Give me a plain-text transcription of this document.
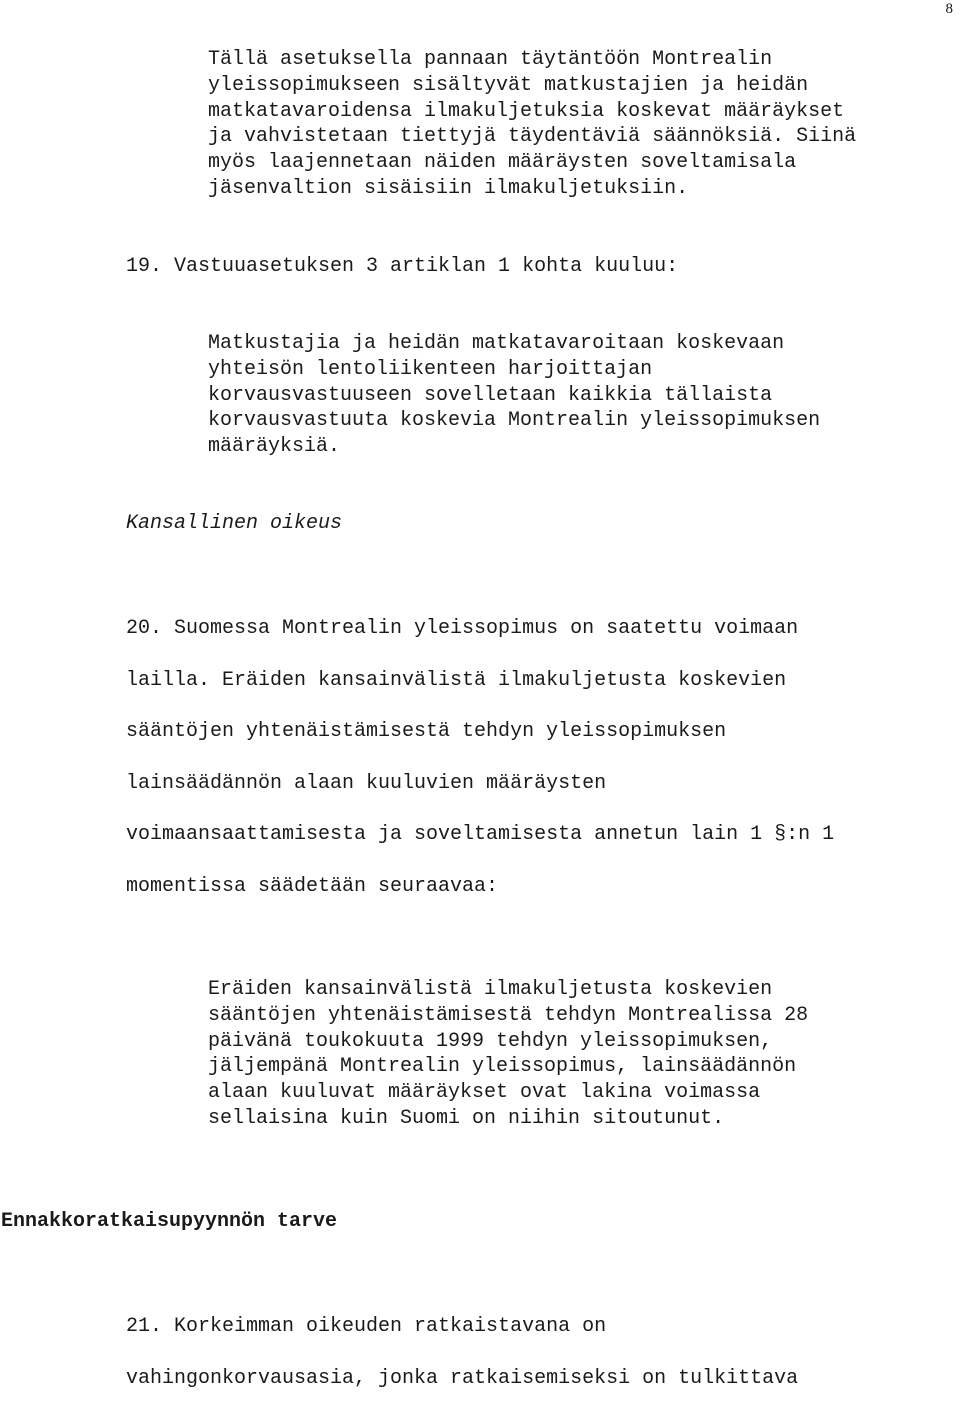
8
Tällä asetuksella pannaan täytäntöön Montrealin
yleissopimukseen sisältyvät matkustajien ja heidän
matkatavaroidensa ilmakuljetuksia koskevat määräykset
ja vahvistetaan tiettyjä täydentäviä säännöksiä. Siinä
myös laajennetaan näiden määräysten soveltamisala
jäsenvaltion sisäisiin ilmakuljetuksiin.
19. Vastuuasetuksen 3 artiklan 1 kohta kuuluu:
Matkustajia ja heidän matkatavaroitaan koskevaan
yhteisön lentoliikenteen harjoittajan
korvausvastuuseen sovelletaan kaikkia tällaista
korvausvastuuta koskevia Montrealin yleissopimuksen
määräyksiä.
Kansallinen oikeus
20. Suomessa Montrealin yleissopimus on saatettu voimaan
lailla. Eräiden kansainvälistä ilmakuljetusta koskevien
sääntöjen yhtenäistämisestä tehdyn yleissopimuksen
lainsäädännön alaan kuuluvien määräysten
voimaansaattamisesta ja soveltamisesta annetun lain 1 §:n 1
momentissa säädetään seuraavaa:
Eräiden kansainvälistä ilmakuljetusta koskevien
sääntöjen yhtenäistämisestä tehdyn Montrealissa 28
päivänä toukokuuta 1999 tehdyn yleissopimuksen,
jäljempänä Montrealin yleissopimus, lainsäädännön
alaan kuuluvat määräykset ovat lakina voimassa
sellaisina kuin Suomi on niihin sitoutunut.
Ennakkoratkaisupyynnön tarve
21. Korkeimman oikeuden ratkaistavana on
vahingonkorvausasia, jonka ratkaisemiseksi on tulkittava
